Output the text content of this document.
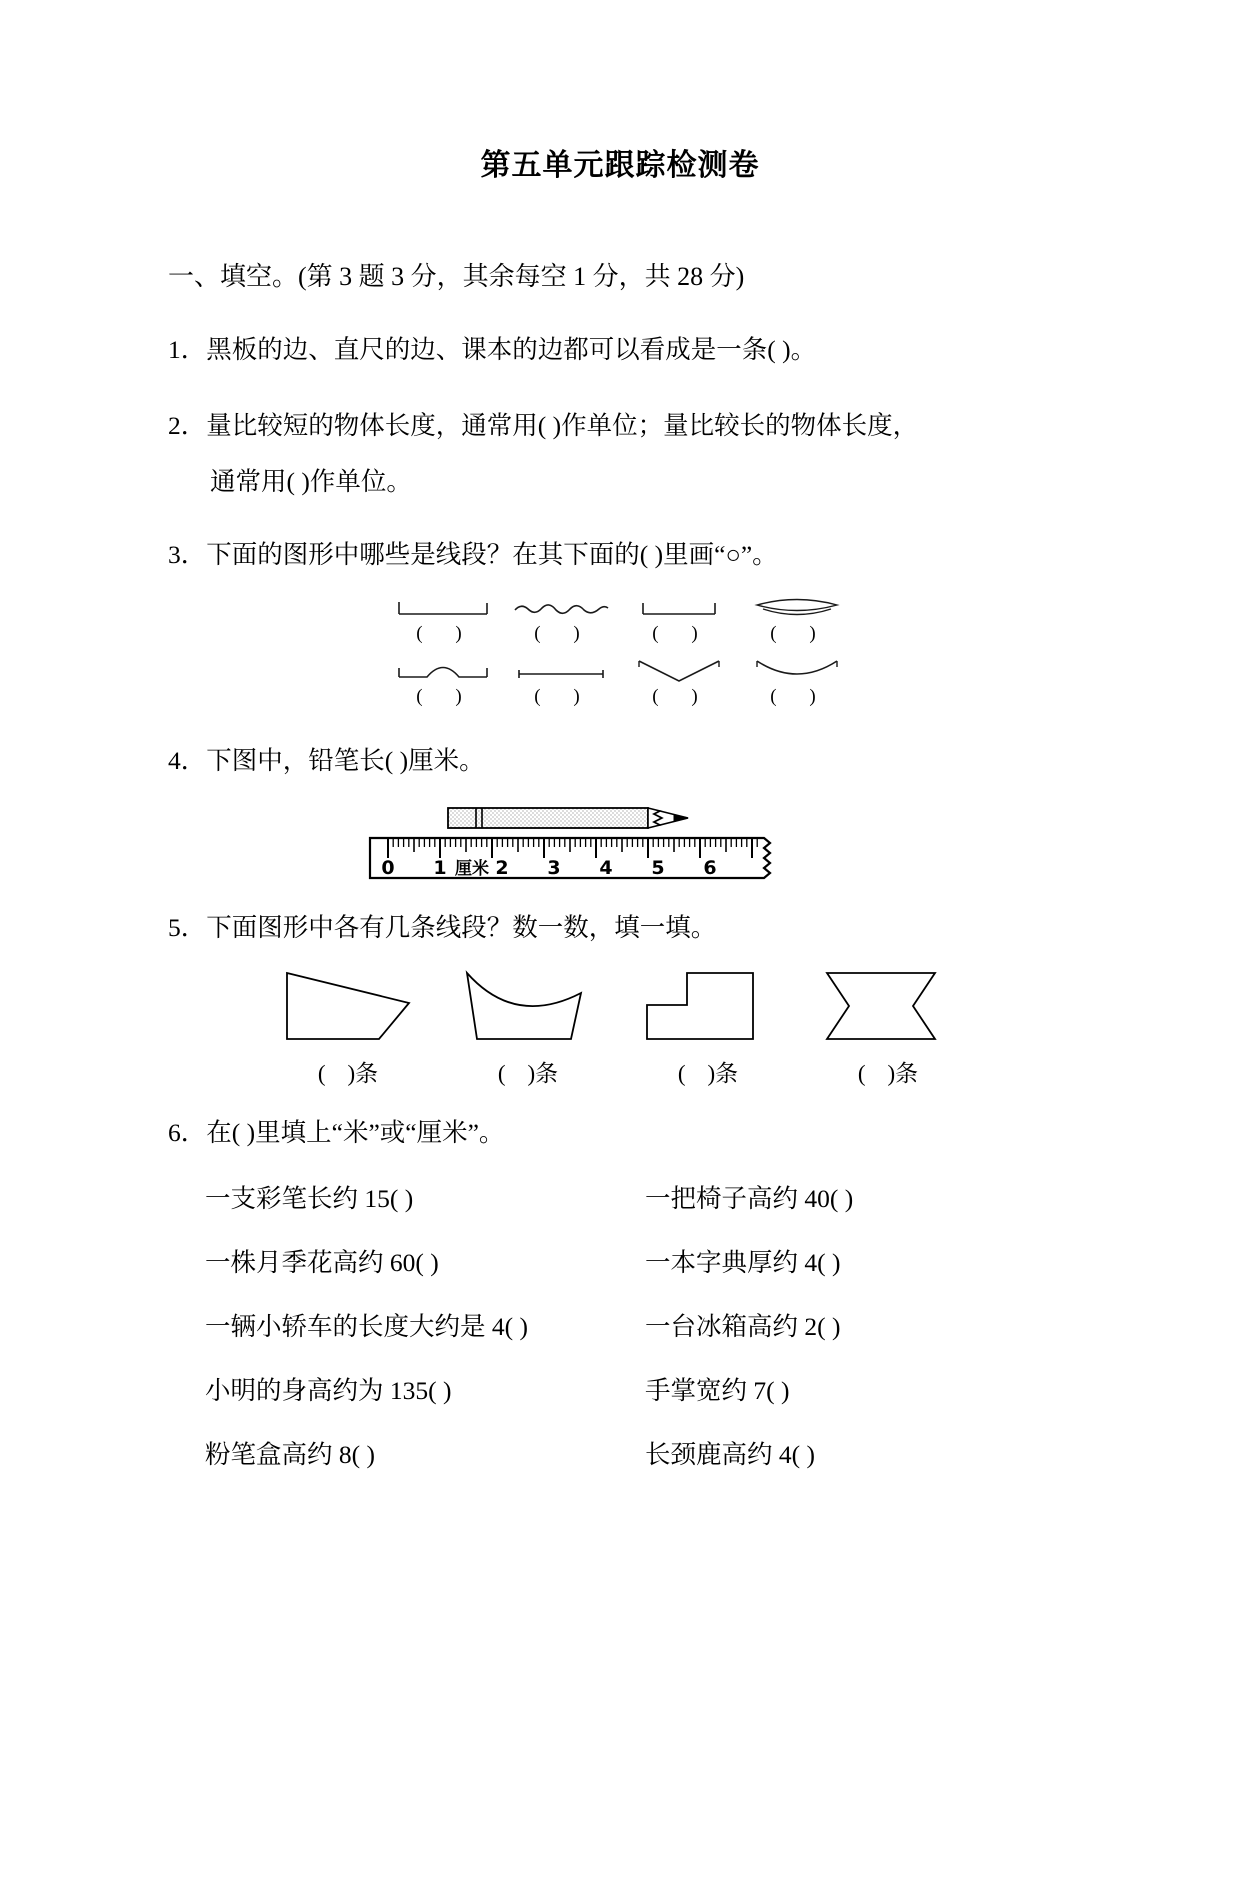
第五单元跟踪检测卷
一、填空。(第 3 题 3 分，其余每空 1 分，共 28 分)
1．黑板的边、直尺的边、课本的边都可以看成是一条( )。
2．量比较短的物体长度，通常用( )作单位；量比较长的物体长度，
通常用( )作单位。
3．下面的图形中哪些是线段？在其下面的( )里画“○”。
( )	( )	( )	( )
( )	( )	( )	( )
4．下图中，铅笔长( )厘米。
0 1 厘米 2 3 4 5 6
5．下面图形中各有几条线段？数一数，填一填。
()条	()条	()条	()条
6．在( )里填上“米”或“厘米”。
一支彩笔长约 15( )	一把椅子高约 40( )
一株月季花高约 60( )	一本字典厚约 4( )
一辆小轿车的长度大约是 4( )	一台冰箱高约 2( )
小明的身高约为 135( )	手掌宽约 7( )
粉笔盒高约 8( )	长颈鹿高约 4( )
